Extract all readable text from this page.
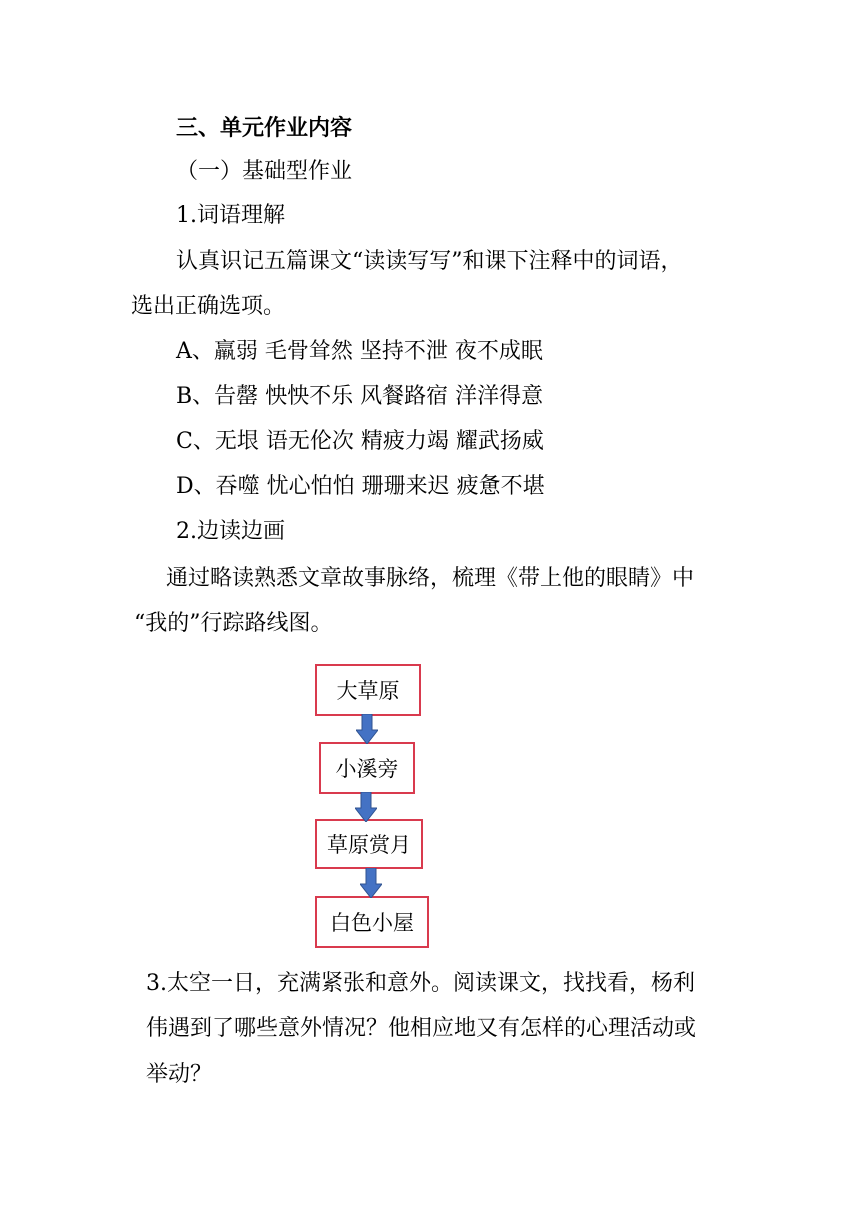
三、单元作业内容
（一）基础型作业
1.词语理解
认真识记五篇课文“读读写写”和课下注释中的词语，
选出正确选项。
A、羸弱 毛骨耸然 坚持不泄 夜不成眠
B、告罄 怏怏不乐 风餐路宿 洋洋得意
C、无垠 语无伦次 精疲力竭 耀武扬威
D、吞噬 忧心怕怕 珊珊来迟 疲惫不堪
2.边读边画
通过略读熟悉文章故事脉络，梳理《带上他的眼睛》中
“我的”行踪路线图。
大草原
小溪旁
草原赏月
白色小屋
3.太空一日，充满紧张和意外。阅读课文，找找看，杨利
伟遇到了哪些意外情况？他相应地又有怎样的心理活动或
举动？
